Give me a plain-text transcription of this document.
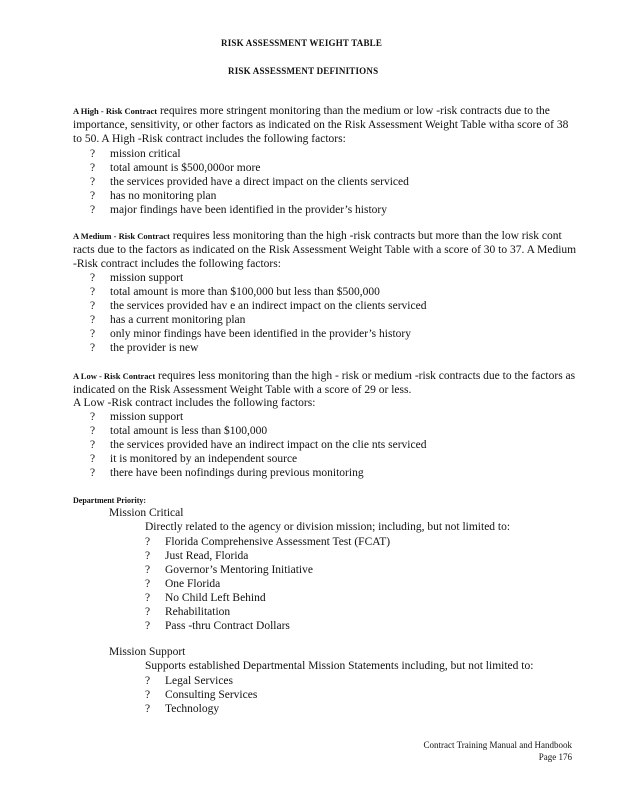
RISK ASSESSMENT WEIGHT TABLE
RISK ASSESSMENT DEFINITIONS
A High - Risk Contract requires more stringent monitoring than the medium or low -risk contracts due to the importance, sensitivity, or other factors as indicated on the Risk Assessment Weight Table witha score of 38 to 50. A High -Risk contract includes the following factors:
? mission critical
? total amount is $500,000or more
? the services provided have a direct impact on the clients serviced
? has no monitoring plan
? major findings have been identified in the provider’s history
A Medium - Risk Contract requires less monitoring than the high -risk contracts but more than the low risk cont racts due to the factors as indicated on the Risk Assessment Weight Table with a score of 30 to 37. A Medium -Risk contract includes the following factors:
? mission support
? total amount is more than $100,000 but less than $500,000
? the services provided hav e an indirect impact on the clients serviced
? has a current monitoring plan
? only minor findings have been identified in the provider’s history
? the provider is new
A Low - Risk Contract requires less monitoring than the high - risk or medium -risk contracts due to the factors as indicated on the Risk Assessment Weight Table with a score of 29 or less.
A Low -Risk contract includes the following factors:
? mission support
? total amount is less than $100,000
? the services provided have an indirect impact on the clie nts serviced
? it is monitored by an independent source
? there have been nofindings during previous monitoring
Department Priority:
Mission Critical
Directly related to the agency or division mission; including, but not limited to:
? Florida Comprehensive Assessment Test (FCAT)
? Just Read, Florida
? Governor’s Mentoring Initiative
? One Florida
? No Child Left Behind
? Rehabilitation
? Pass -thru Contract Dollars
Mission Support
Supports established Departmental Mission Statements including, but not limited to:
? Legal Services
? Consulting Services
? Technology
Contract Training Manual and Handbook
Page 176
